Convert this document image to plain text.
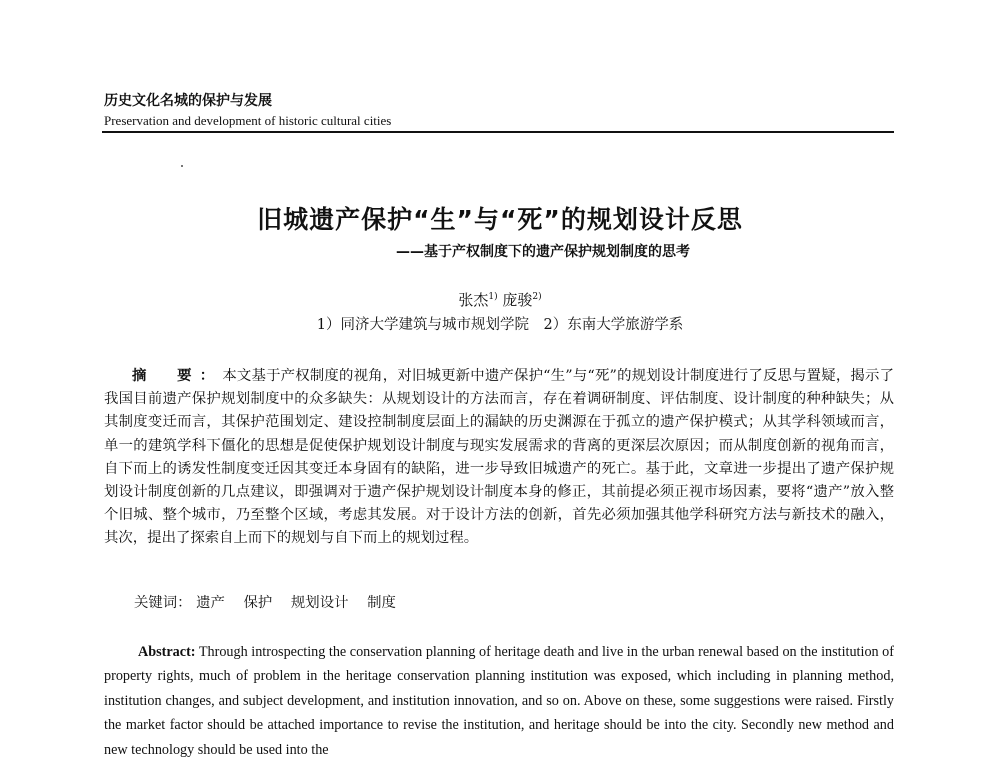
历史文化名城的保护与发展
Preservation and development of historic cultural cities
旧城遗产保护“生”与“死”的规划设计反思
——基于产权制度下的遗产保护规划制度的思考
张杰$^{1)}$ 庞骏$^{2)}$
1）同济大学建筑与城市规划学院　2）东南大学旅游学系
摘　要：本文基于产权制度的视角，对旧城更新中遗产保护“生”与“死”的规划设计制度进行了反思与置疑，揭示了我国目前遗产保护规划制度中的众多缺失：从规划设计的方法而言，存在着调研制度、评估制度、设计制度的种种缺失；从其制度变迁而言，其保护范围划定、建设控制制度层面上的漏缺的历史渊源在于孤立的遗产保护模式；从其学科领域而言，单一的建筑学科下僵化的思想是促使保护规划设计制度与现实发展需求的背离的更深层次原因；而从制度创新的视角而言，自下而上的诱发性制度变迁因其变迁本身固有的缺陷，进一步导致旧城遗产的死亡。基于此，文章进一步提出了遗产保护规划设计制度创新的几点建议，即强调对于遗产保护规划设计制度本身的修正，其前提必须正视市场因素，要将“遗产”放入整个旧城、整个城市，乃至整个区域，考虑其发展。对于设计方法的创新，首先必须加强其他学科研究方法与新技术的融入，其次，提出了探索自上而下的规划与自下而上的规划过程。
关键词： 遗产 保护 规划设计 制度
Abstract: Through introspecting the conservation planning of heritage death and live in the urban renewal based on the institution of property rights, much of problem in the heritage conservation planning institution was exposed, which including in planning method, institution changes, and subject development, and institution innovation, and so on. Above on these, some suggestions were raised. Firstly the market factor should be attached importance to revise the institution, and heritage should be into the city. Secondly new method and new technology should be used into the
